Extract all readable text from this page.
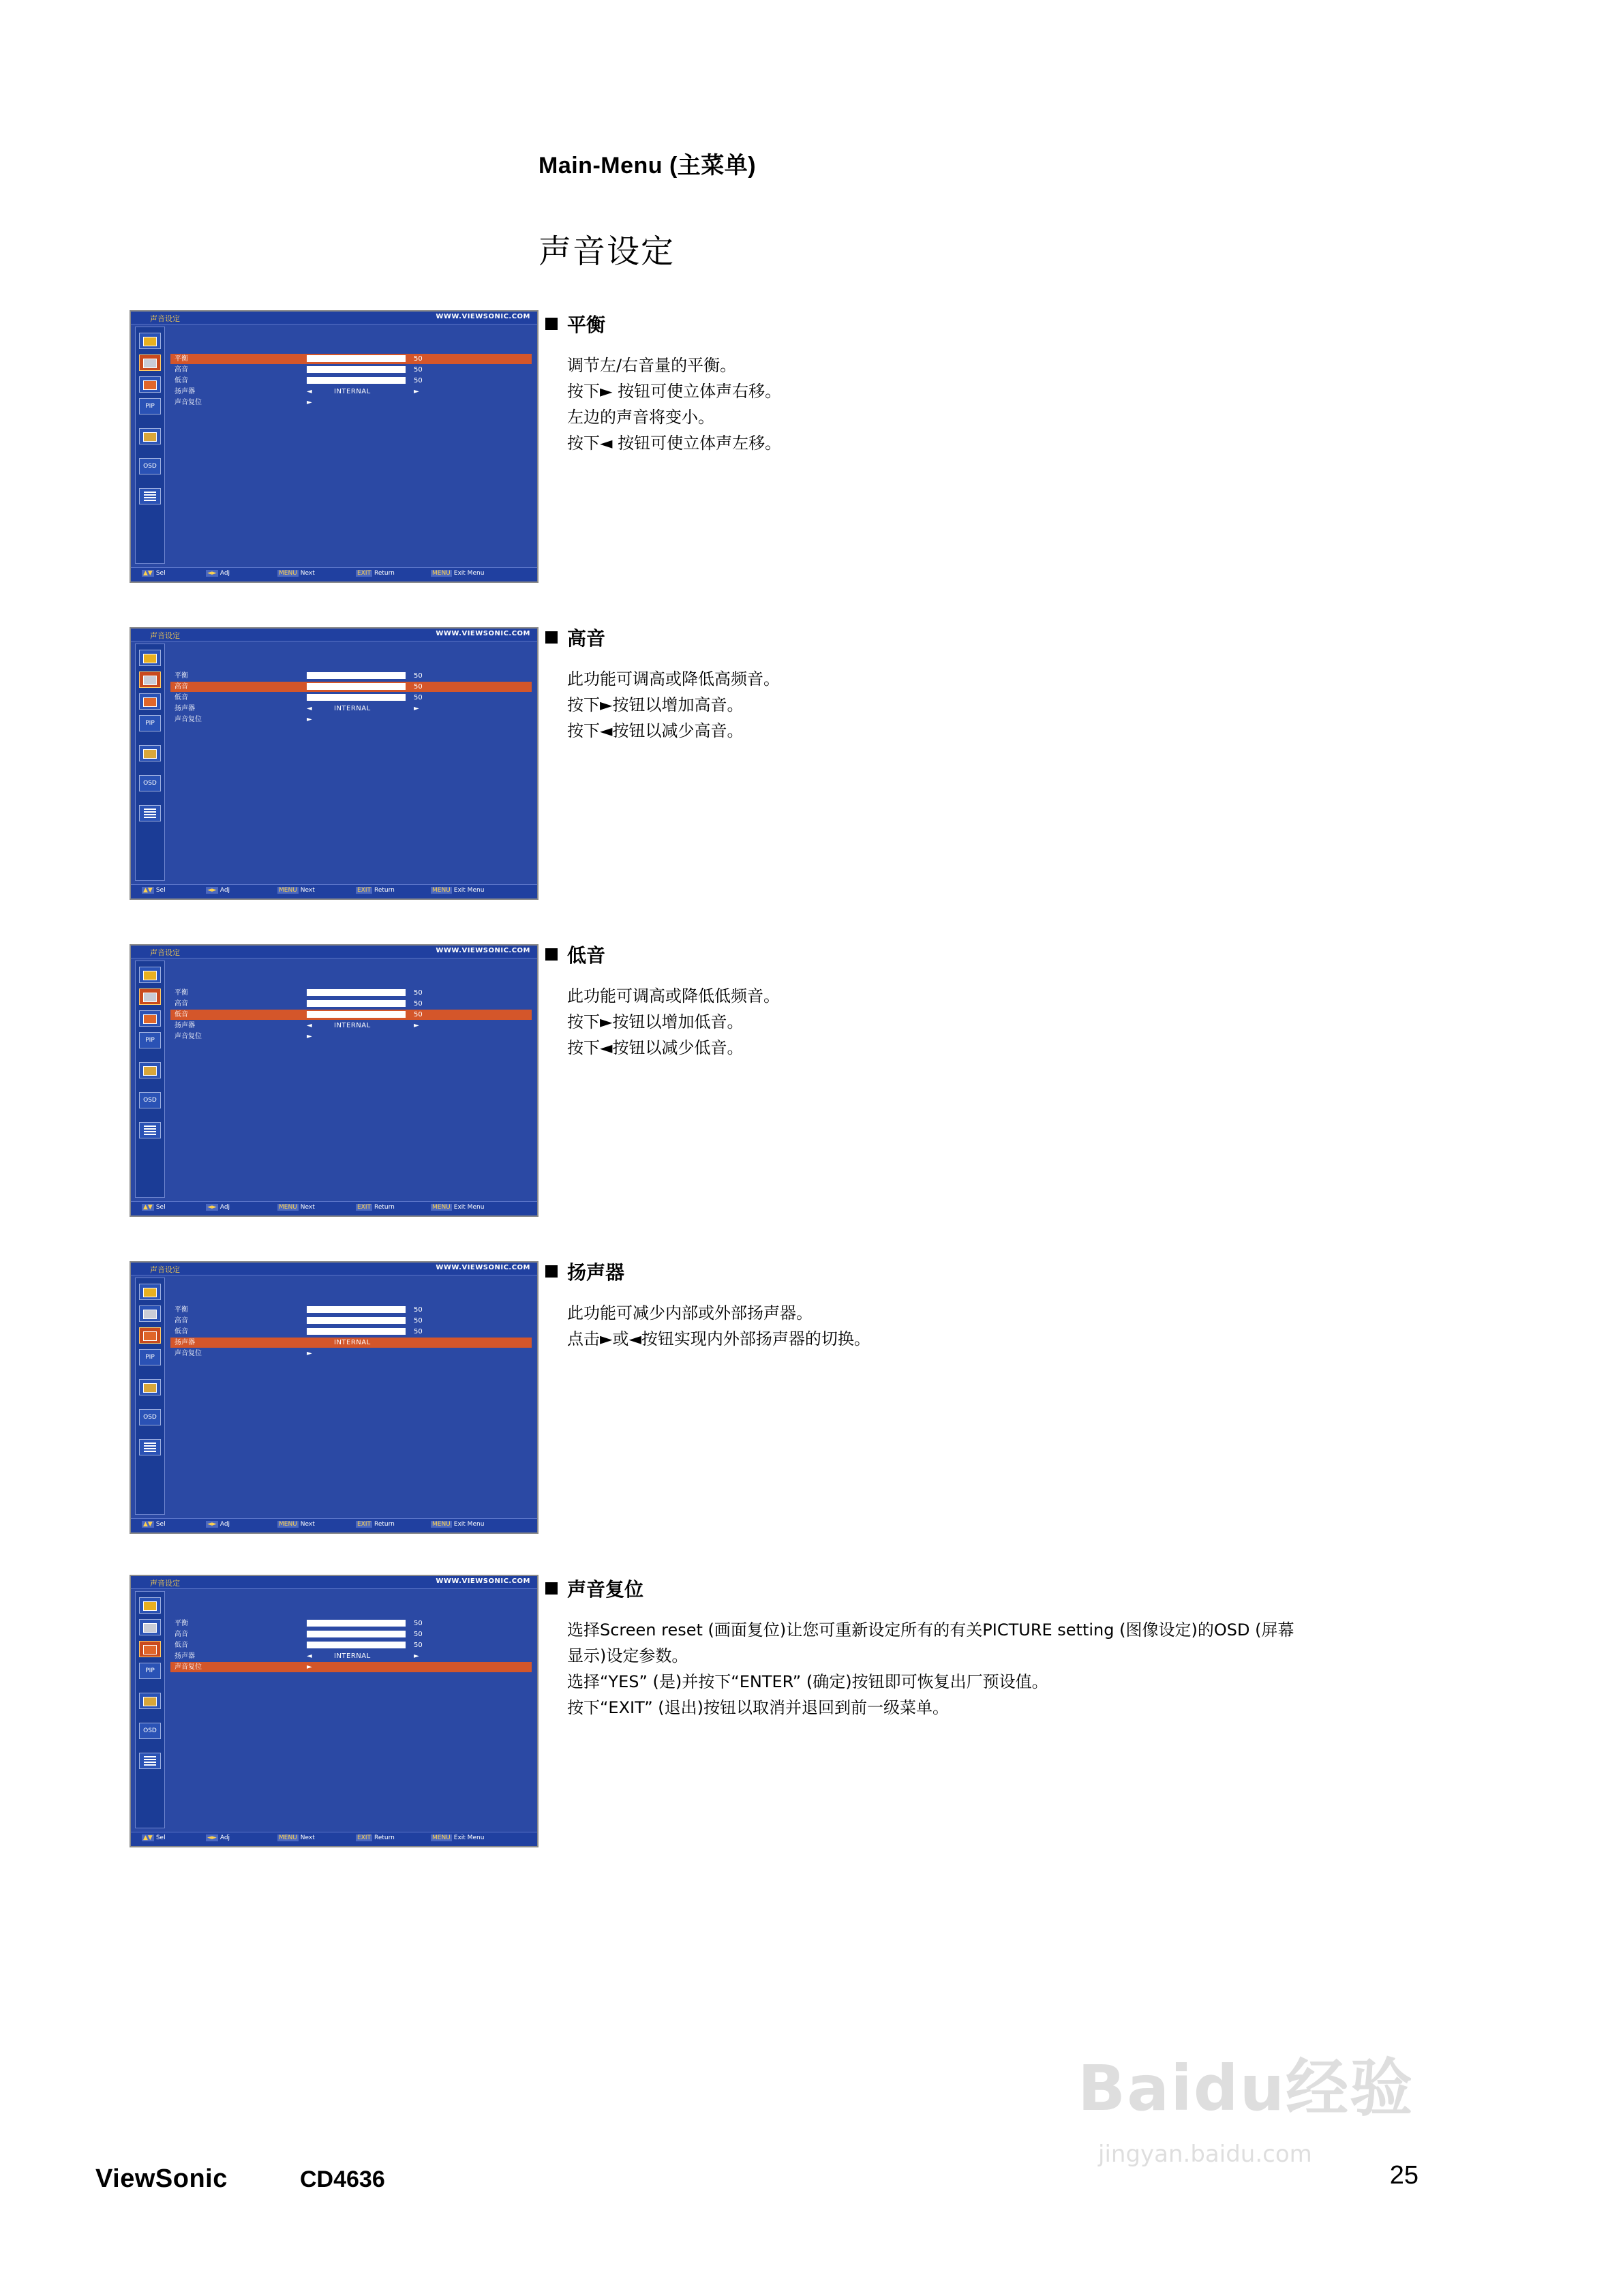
Main-Menu (主菜单)
声音设定
声音设定	WWW.VIEWSONIC.COM
PIP
OSD
平衡	50
高音	50
低音	50
扬声器	◄	INTERNAL	►
声音复位	►
▲▼ Sel	◄► Adj	MENU Next	EXIT Return	MENU Exit Menu
平衡
调节左/右音量的平衡。
按下► 按钮可使立体声右移。
左边的声音将变小。
按下◄ 按钮可使立体声左移。
声音设定	WWW.VIEWSONIC.COM
PIP
OSD
平衡	50
高音	50
低音	50
扬声器	◄	INTERNAL	►
声音复位	►
▲▼ Sel	◄► Adj	MENU Next	EXIT Return	MENU Exit Menu
高音
此功能可调高或降低高频音。
按下►按钮以增加高音。
按下◄按钮以减少高音。
声音设定	WWW.VIEWSONIC.COM
PIP
OSD
平衡	50
高音	50
低音	50
扬声器	◄	INTERNAL	►
声音复位	►
▲▼ Sel	◄► Adj	MENU Next	EXIT Return	MENU Exit Menu
低音
此功能可调高或降低低频音。
按下►按钮以增加低音。
按下◄按钮以减少低音。
声音设定	WWW.VIEWSONIC.COM
PIP
OSD
平衡	50
高音	50
低音	50
扬声器	INTERNAL
声音复位	►
▲▼ Sel	◄► Adj	MENU Next	EXIT Return	MENU Exit Menu
扬声器
此功能可减少内部或外部扬声器。
点击►或◄按钮实现内外部扬声器的切换。
声音设定	WWW.VIEWSONIC.COM
PIP
OSD
平衡	50
高音	50
低音	50
扬声器	◄	INTERNAL	►
声音复位	►
▲▼ Sel	◄► Adj	MENU Next	EXIT Return	MENU Exit Menu
声音复位
选择Screen reset (画面复位)让您可重新设定所有的有关PICTURE setting (图像设定)的OSD (屏幕
显示)设定参数。
选择“YES” (是)并按下“ENTER” (确定)按钮即可恢复出厂预设值。
按下“EXIT” (退出)按钮以取消并退回到前一级菜单。
Baidu经验
jingyan.baidu.com
ViewSonic	CD4636	25
